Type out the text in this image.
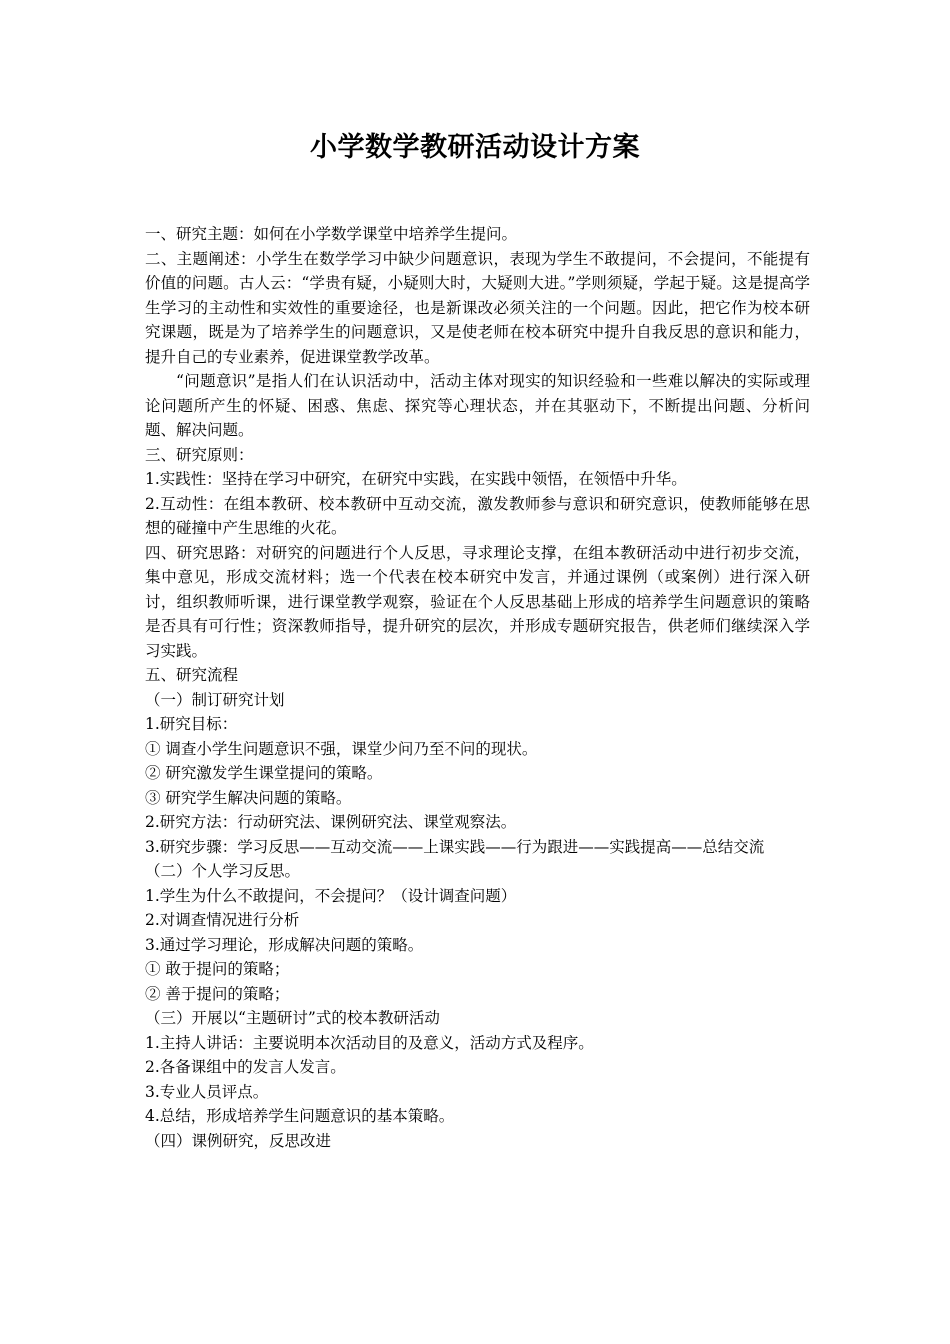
小学数学教研活动设计方案

一、研究主题：如何在小学数学课堂中培养学生提问。

二、主题阐述：小学生在数学学习中缺少问题意识，表现为学生不敢提问，不会提问，不能提有价值的问题。古人云：“学贵有疑，小疑则大时，大疑则大进。”学则须疑，学起于疑。这是提高学生学习的主动性和实效性的重要途径，也是新课改必须关注的一个问题。因此，把它作为校本研究课题，既是为了培养学生的问题意识，又是使老师在校本研究中提升自我反思的意识和能力，提升自己的专业素养，促进课堂教学改革。

“问题意识”是指人们在认识活动中，活动主体对现实的知识经验和一些难以解决的实际或理论问题所产生的怀疑、困惑、焦虑、探究等心理状态，并在其驱动下，不断提出问题、分析问题、解决问题。

三、研究原则：

1.实践性：坚持在学习中研究，在研究中实践，在实践中领悟，在领悟中升华。

2.互动性：在组本教研、校本教研中互动交流，激发教师参与意识和研究意识，使教师能够在思想的碰撞中产生思维的火花。

四、研究思路：对研究的问题进行个人反思，寻求理论支撑，在组本教研活动中进行初步交流，集中意见，形成交流材料；选一个代表在校本研究中发言，并通过课例（或案例）进行深入研讨，组织教师听课，进行课堂教学观察，验证在个人反思基础上形成的培养学生问题意识的策略是否具有可行性；资深教师指导，提升研究的层次，并形成专题研究报告，供老师们继续深入学习实践。

五、研究流程

（一）制订研究计划

1.研究目标：

① 调查小学生问题意识不强，课堂少问乃至不问的现状。

② 研究激发学生课堂提问的策略。

③ 研究学生解决问题的策略。

2.研究方法：行动研究法、课例研究法、课堂观察法。

3.研究步骤：学习反思——互动交流——上课实践——行为跟进——实践提高——总结交流

（二）个人学习反思。

1.学生为什么不敢提问，不会提问？（设计调查问题）

2.对调查情况进行分析

3.通过学习理论，形成解决问题的策略。

① 敢于提问的策略；

② 善于提问的策略；

（三）开展以“主题研讨”式的校本教研活动

1.主持人讲话：主要说明本次活动目的及意义，活动方式及程序。

2.各备课组中的发言人发言。

3.专业人员评点。

4.总结，形成培养学生问题意识的基本策略。

（四）课例研究，反思改进
